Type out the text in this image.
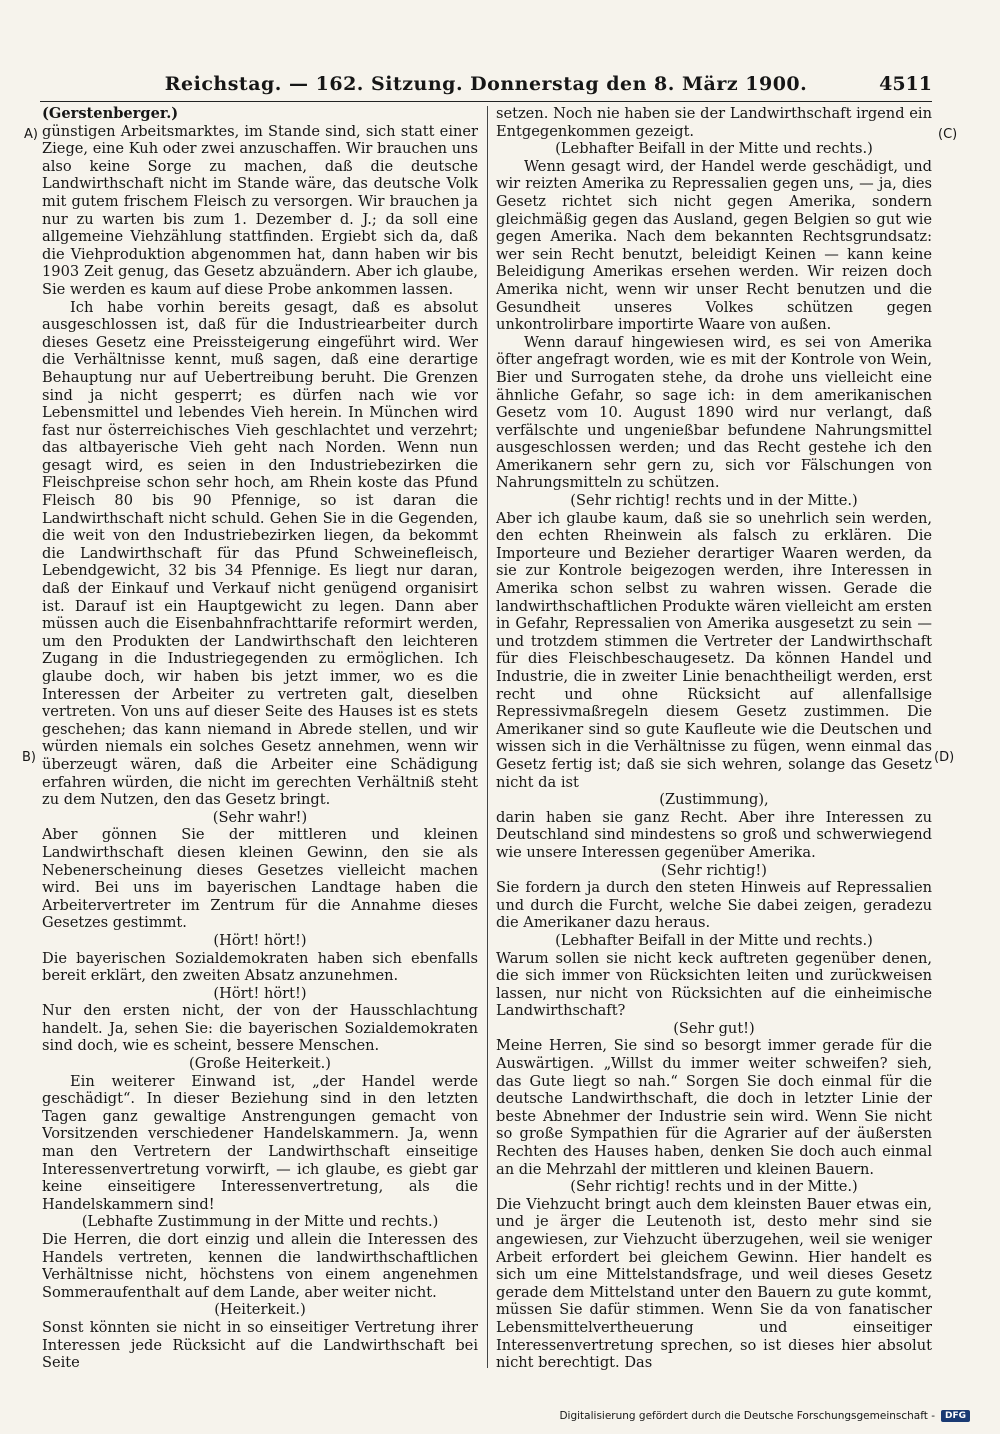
Reichstag. — 162. Sitzung. Donnerstag den 8. März 1900.	4511
A)
B)
(C)
(D)

(Gerstenberger.)

günstigen Arbeitsmarktes, im Stande sind, sich statt einer Ziege, eine Kuh oder zwei anzuschaffen. Wir brauchen uns also keine Sorge zu machen, daß die deutsche Landwirthschaft nicht im Stande wäre, das deutsche Volk mit gutem frischem Fleisch zu versorgen. Wir brauchen ja nur zu warten bis zum 1. Dezember d. J.; da soll eine allgemeine Viehzählung stattfinden. Ergiebt sich da, daß die Viehproduktion abgenommen hat, dann haben wir bis 1903 Zeit genug, das Gesetz abzuändern. Aber ich glaube, Sie werden es kaum auf diese Probe ankommen lassen.

Ich habe vorhin bereits gesagt, daß es absolut ausgeschlossen ist, daß für die Industriearbeiter durch dieses Gesetz eine Preissteigerung eingeführt wird. Wer die Verhältnisse kennt, muß sagen, daß eine derartige Behauptung nur auf Uebertreibung beruht. Die Grenzen sind ja nicht gesperrt; es dürfen nach wie vor Lebensmittel und lebendes Vieh herein. In München wird fast nur österreichisches Vieh geschlachtet und verzehrt; das altbayerische Vieh geht nach Norden. Wenn nun gesagt wird, es seien in den Industriebezirken die Fleischpreise schon sehr hoch, am Rhein koste das Pfund Fleisch 80 bis 90 Pfennige, so ist daran die Landwirthschaft nicht schuld. Gehen Sie in die Gegenden, die weit von den Industriebezirken liegen, da bekommt die Landwirthschaft für das Pfund Schweinefleisch, Lebendgewicht, 32 bis 34 Pfennige. Es liegt nur daran, daß der Einkauf und Verkauf nicht genügend organisirt ist. Darauf ist ein Hauptgewicht zu legen. Dann aber müssen auch die Eisenbahnfrachttarife reformirt werden, um den Produkten der Landwirthschaft den leichteren Zugang in die Industriegegenden zu ermöglichen. Ich glaube doch, wir haben bis jetzt immer, wo es die Interessen der Arbeiter zu vertreten galt, dieselben vertreten. Von uns auf dieser Seite des Hauses ist es stets geschehen; das kann niemand in Abrede stellen, und wir würden niemals ein solches Gesetz annehmen, wenn wir überzeugt wären, daß die Arbeiter eine Schädigung erfahren würden, die nicht im gerechten Verhältniß steht zu dem Nutzen, den das Gesetz bringt.

(Sehr wahr!)

Aber gönnen Sie der mittleren und kleinen Landwirthschaft diesen kleinen Gewinn, den sie als Nebenerscheinung dieses Gesetzes vielleicht machen wird. Bei uns im bayerischen Landtage haben die Arbeitervertreter im Zentrum für die Annahme dieses Gesetzes gestimmt.

(Hört! hört!)

Die bayerischen Sozialdemokraten haben sich ebenfalls bereit erklärt, den zweiten Absatz anzunehmen.

(Hört! hört!)

Nur den ersten nicht, der von der Hausschlachtung handelt. Ja, sehen Sie: die bayerischen Sozialdemokraten sind doch, wie es scheint, bessere Menschen.

(Große Heiterkeit.)

Ein weiterer Einwand ist, „der Handel werde geschädigt“. In dieser Beziehung sind in den letzten Tagen ganz gewaltige Anstrengungen gemacht von Vorsitzenden verschiedener Handelskammern. Ja, wenn man den Vertretern der Landwirthschaft einseitige Interessenvertretung vorwirft, — ich glaube, es giebt gar keine einseitigere Interessenvertretung, als die Handelskammern sind!

(Lebhafte Zustimmung in der Mitte und rechts.)

Die Herren, die dort einzig und allein die Interessen des Handels vertreten, kennen die landwirthschaftlichen Verhältnisse nicht, höchstens von einem angenehmen Sommeraufenthalt auf dem Lande, aber weiter nicht.

(Heiterkeit.)

Sonst könnten sie nicht in so einseitiger Vertretung ihrer Interessen jede Rücksicht auf die Landwirthschaft bei Seite

setzen. Noch nie haben sie der Landwirthschaft irgend ein Entgegenkommen gezeigt.

(Lebhafter Beifall in der Mitte und rechts.)

Wenn gesagt wird, der Handel werde geschädigt, und wir reizten Amerika zu Repressalien gegen uns, — ja, dies Gesetz richtet sich nicht gegen Amerika, sondern gleichmäßig gegen das Ausland, gegen Belgien so gut wie gegen Amerika. Nach dem bekannten Rechtsgrundsatz: wer sein Recht benutzt, beleidigt Keinen — kann keine Beleidigung Amerikas ersehen werden. Wir reizen doch Amerika nicht, wenn wir unser Recht benutzen und die Gesundheit unseres Volkes schützen gegen unkontrolirbare importirte Waare von außen.

Wenn darauf hingewiesen wird, es sei von Amerika öfter angefragt worden, wie es mit der Kontrole von Wein, Bier und Surrogaten stehe, da drohe uns vielleicht eine ähnliche Gefahr, so sage ich: in dem amerikanischen Gesetz vom 10. August 1890 wird nur verlangt, daß verfälschte und ungenießbar befundene Nahrungsmittel ausgeschlossen werden; und das Recht gestehe ich den Amerikanern sehr gern zu, sich vor Fälschungen von Nahrungsmitteln zu schützen.

(Sehr richtig! rechts und in der Mitte.)

Aber ich glaube kaum, daß sie so unehrlich sein werden, den echten Rheinwein als falsch zu erklären. Die Importeure und Bezieher derartiger Waaren werden, da sie zur Kontrole beigezogen werden, ihre Interessen in Amerika schon selbst zu wahren wissen. Gerade die landwirthschaftlichen Produkte wären vielleicht am ersten in Gefahr, Repressalien von Amerika ausgesetzt zu sein — und trotzdem stimmen die Vertreter der Landwirthschaft für dies Fleischbeschaugesetz. Da können Handel und Industrie, die in zweiter Linie benachtheiligt werden, erst recht und ohne Rücksicht auf allenfallsige Repressivmaßregeln diesem Gesetz zustimmen. Die Amerikaner sind so gute Kaufleute wie die Deutschen und wissen sich in die Verhältnisse zu fügen, wenn einmal das Gesetz fertig ist; daß sie sich wehren, solange das Gesetz nicht da ist

(Zustimmung),

darin haben sie ganz Recht. Aber ihre Interessen zu Deutschland sind mindestens so groß und schwerwiegend wie unsere Interessen gegenüber Amerika.

(Sehr richtig!)

Sie fordern ja durch den steten Hinweis auf Repressalien und durch die Furcht, welche Sie dabei zeigen, geradezu die Amerikaner dazu heraus.

(Lebhafter Beifall in der Mitte und rechts.)

Warum sollen sie nicht keck auftreten gegenüber denen, die sich immer von Rücksichten leiten und zurückweisen lassen, nur nicht von Rücksichten auf die einheimische Landwirthschaft?

(Sehr gut!)

Meine Herren, Sie sind so besorgt immer gerade für die Auswärtigen. „Willst du immer weiter schweifen? sieh, das Gute liegt so nah.“ Sorgen Sie doch einmal für die deutsche Landwirthschaft, die doch in letzter Linie der beste Abnehmer der Industrie sein wird. Wenn Sie nicht so große Sympathien für die Agrarier auf der äußersten Rechten des Hauses haben, denken Sie doch auch einmal an die Mehrzahl der mittleren und kleinen Bauern.

(Sehr richtig! rechts und in der Mitte.)

Die Viehzucht bringt auch dem kleinsten Bauer etwas ein, und je ärger die Leutenoth ist, desto mehr sind sie angewiesen, zur Viehzucht überzugehen, weil sie weniger Arbeit erfordert bei gleichem Gewinn. Hier handelt es sich um eine Mittelstandsfrage, und weil dieses Gesetz gerade dem Mittelstand unter den Bauern zu gute kommt, müssen Sie dafür stimmen. Wenn Sie da von fanatischer Lebensmittelvertheuerung und einseitiger Interessenvertretung sprechen, so ist dieses hier absolut nicht berechtigt. Das

Digitalisierung gefördert durch die Deutsche Forschungsgemeinschaft -	DFG
